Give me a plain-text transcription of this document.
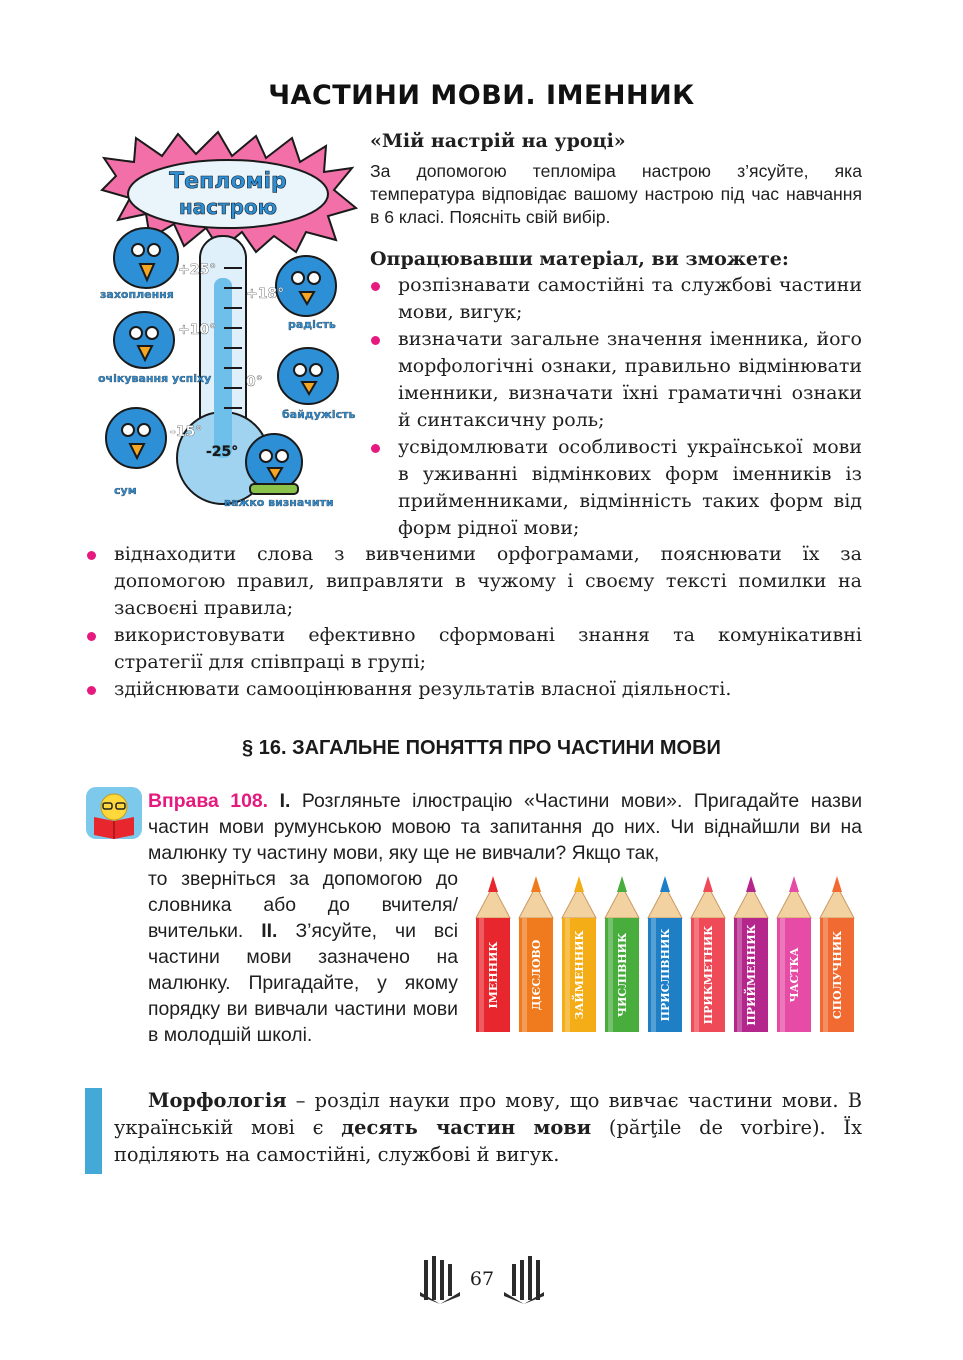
ЧАСТИНИ МОВИ. ІМЕННИК
Тепломір
настрою
захоплення
+25°
радість
+18°
очікування успіху
+10°
байдужість
0°
сум
-15°
важко визначити
-25°
«Мій настрій на уроці»
За допомогою тепломіра настрою з’ясуйте, яка температура відповідає вашому настрою під час навчання в 6 класі. Поясніть свій вибір.
Опрацювавши матеріал, ви зможете:
розпізнавати самостійні та службові частини мови, вигук;
визначати загальне значення іменника, його морфологічні ознаки, правильно відмінювати іменники, визначати їхні граматичні ознаки й синтаксичну роль;
усвідомлювати особливості української мови в уживанні відмінкових форм іменників із прийменниками, відмінність таких форм від форм рідної мови;
віднаходити слова з вивченими орфограмами, пояснювати їх за допомогою правил, виправляти в чужому і своєму тексті помилки на засвоєні правила;
використовувати ефективно сформовані знання та комунікативні стратегії для співпраці в групі;
здійснювати самооцінювання результатів власної діяльності.
§ 16. ЗАГАЛЬНЕ ПОНЯТТЯ ПРО ЧАСТИНИ МОВИ
Вправа 108. I. Розгляньте ілюстрацію «Частини мови». Пригадайте назви частин мови румунською мовою та запитання до них. Чи віднайшли ви на малюнку ту частину мови, яку ще не вивчали? Якщо так,
то зверніться за допомогою до словника або до вчителя/вчительки. II. З’ясуйте, чи всі частини мови зазначено на малюнку. Пригадайте, у якому порядку ви вивчали частини мови в молодшій школі.
ІМЕННИК	ДІЄСЛОВО	ЗАЙМЕННИК	ЧИСЛІВНИК	ПРИСЛІВНИК	ПРИКМЕТНИК	ПРИЙМЕННИК	ЧАСТКА	СПОЛУЧНИК
Морфологія – розділ науки про мову, що вивчає частини мови. В українській мові є десять частин мови (părţile de vorbire). Їх поділяють на самостійні, службові й вигук.
67
